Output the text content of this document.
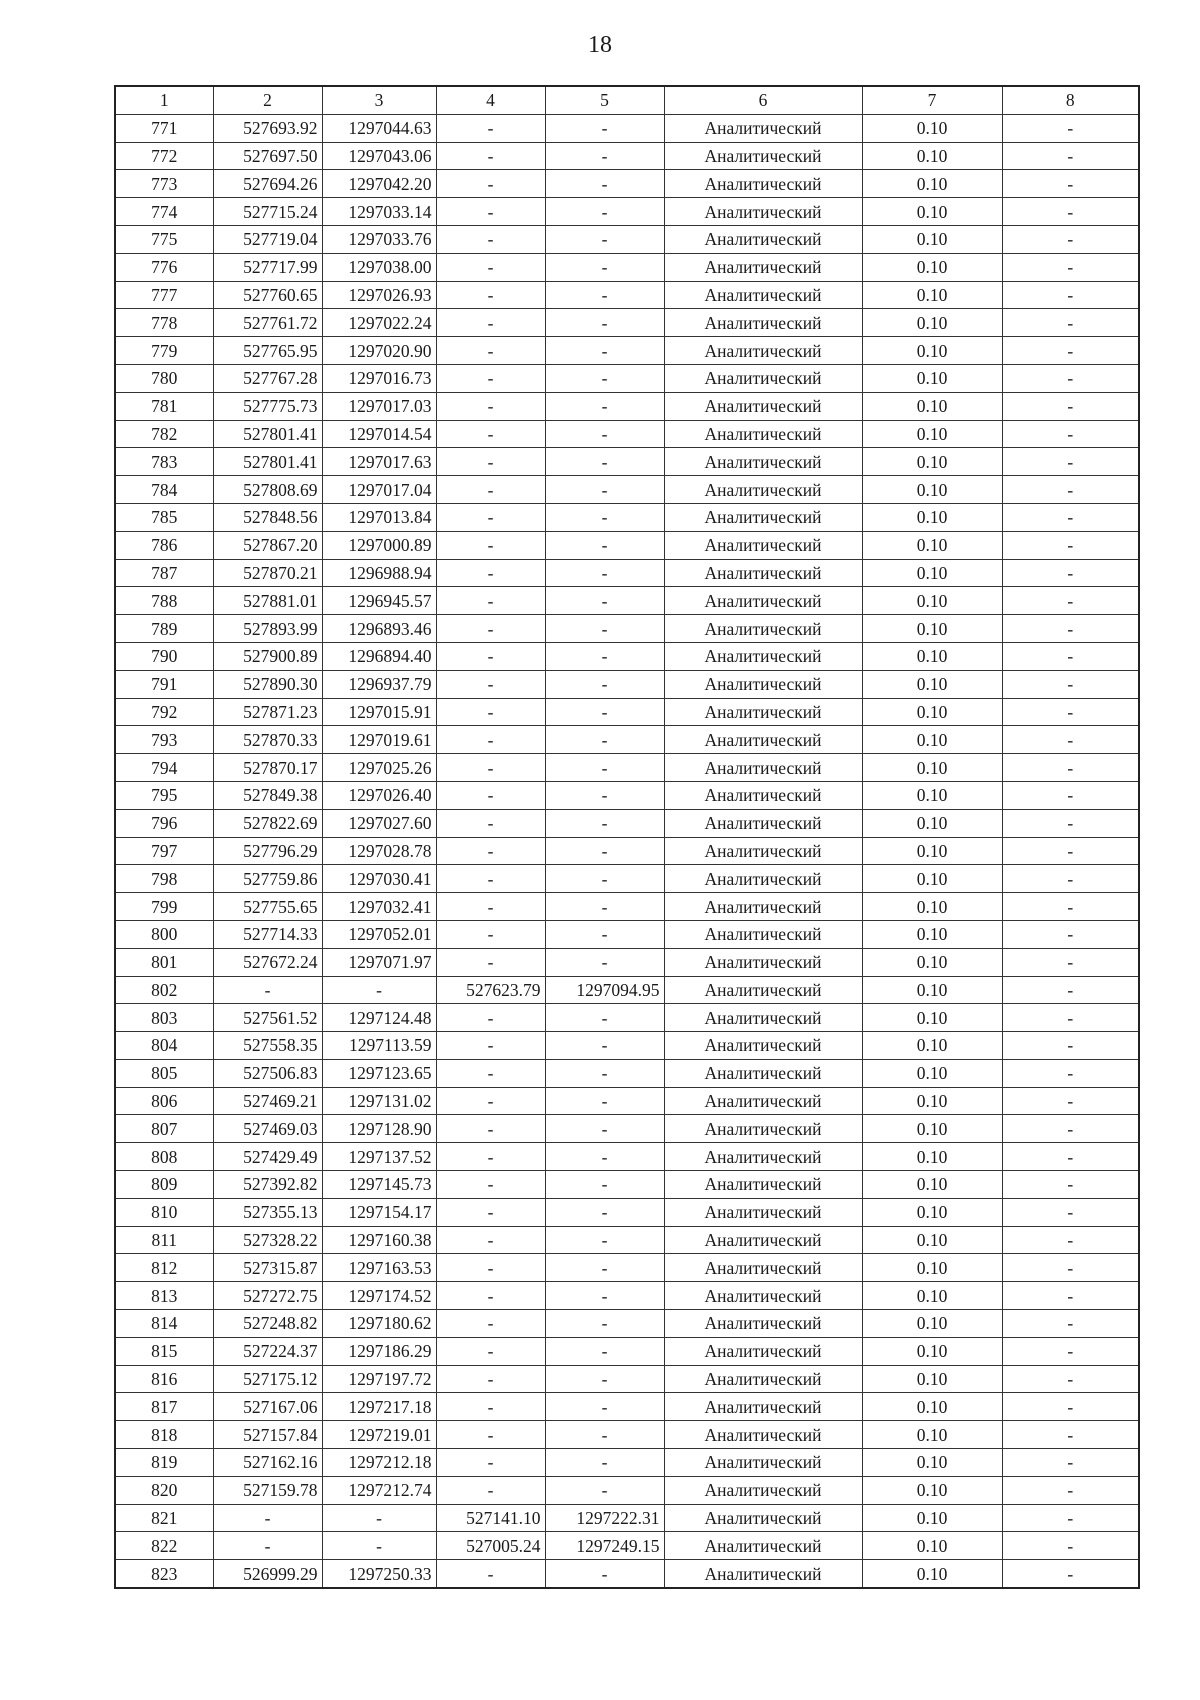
18
1	2	3	4	5	6	7	8
771	527693.92	1297044.63	-	-	Аналитический	0.10	-
772	527697.50	1297043.06	-	-	Аналитический	0.10	-
773	527694.26	1297042.20	-	-	Аналитический	0.10	-
774	527715.24	1297033.14	-	-	Аналитический	0.10	-
775	527719.04	1297033.76	-	-	Аналитический	0.10	-
776	527717.99	1297038.00	-	-	Аналитический	0.10	-
777	527760.65	1297026.93	-	-	Аналитический	0.10	-
778	527761.72	1297022.24	-	-	Аналитический	0.10	-
779	527765.95	1297020.90	-	-	Аналитический	0.10	-
780	527767.28	1297016.73	-	-	Аналитический	0.10	-
781	527775.73	1297017.03	-	-	Аналитический	0.10	-
782	527801.41	1297014.54	-	-	Аналитический	0.10	-
783	527801.41	1297017.63	-	-	Аналитический	0.10	-
784	527808.69	1297017.04	-	-	Аналитический	0.10	-
785	527848.56	1297013.84	-	-	Аналитический	0.10	-
786	527867.20	1297000.89	-	-	Аналитический	0.10	-
787	527870.21	1296988.94	-	-	Аналитический	0.10	-
788	527881.01	1296945.57	-	-	Аналитический	0.10	-
789	527893.99	1296893.46	-	-	Аналитический	0.10	-
790	527900.89	1296894.40	-	-	Аналитический	0.10	-
791	527890.30	1296937.79	-	-	Аналитический	0.10	-
792	527871.23	1297015.91	-	-	Аналитический	0.10	-
793	527870.33	1297019.61	-	-	Аналитический	0.10	-
794	527870.17	1297025.26	-	-	Аналитический	0.10	-
795	527849.38	1297026.40	-	-	Аналитический	0.10	-
796	527822.69	1297027.60	-	-	Аналитический	0.10	-
797	527796.29	1297028.78	-	-	Аналитический	0.10	-
798	527759.86	1297030.41	-	-	Аналитический	0.10	-
799	527755.65	1297032.41	-	-	Аналитический	0.10	-
800	527714.33	1297052.01	-	-	Аналитический	0.10	-
801	527672.24	1297071.97	-	-	Аналитический	0.10	-
802	-	-	527623.79	1297094.95	Аналитический	0.10	-
803	527561.52	1297124.48	-	-	Аналитический	0.10	-
804	527558.35	1297113.59	-	-	Аналитический	0.10	-
805	527506.83	1297123.65	-	-	Аналитический	0.10	-
806	527469.21	1297131.02	-	-	Аналитический	0.10	-
807	527469.03	1297128.90	-	-	Аналитический	0.10	-
808	527429.49	1297137.52	-	-	Аналитический	0.10	-
809	527392.82	1297145.73	-	-	Аналитический	0.10	-
810	527355.13	1297154.17	-	-	Аналитический	0.10	-
811	527328.22	1297160.38	-	-	Аналитический	0.10	-
812	527315.87	1297163.53	-	-	Аналитический	0.10	-
813	527272.75	1297174.52	-	-	Аналитический	0.10	-
814	527248.82	1297180.62	-	-	Аналитический	0.10	-
815	527224.37	1297186.29	-	-	Аналитический	0.10	-
816	527175.12	1297197.72	-	-	Аналитический	0.10	-
817	527167.06	1297217.18	-	-	Аналитический	0.10	-
818	527157.84	1297219.01	-	-	Аналитический	0.10	-
819	527162.16	1297212.18	-	-	Аналитический	0.10	-
820	527159.78	1297212.74	-	-	Аналитический	0.10	-
821	-	-	527141.10	1297222.31	Аналитический	0.10	-
822	-	-	527005.24	1297249.15	Аналитический	0.10	-
823	526999.29	1297250.33	-	-	Аналитический	0.10	-
